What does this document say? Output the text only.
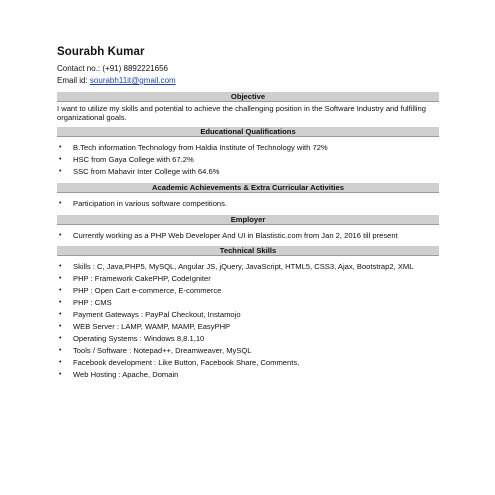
Sourabh Kumar
Contact no.: (+91) 8892221656
Email id: sourabh11it@gmail.com
Objective
I want to utilize my skills and potential to achieve the challenging position in the Software Industry and fulfilling organizational goals.
Educational Qualifications
• B.Tech information Technology from Haldia Institute of Technology with 72%
• HSC from Gaya College with 67.2%
• SSC from Mahavir Inter College with 64.6%
Academic Achievements & Extra Curricular Activities
• Participation in various software competitions.
Employer
• Currently working as a PHP Web Developer And UI in Blastistic.com from Jan 2, 2016 till present
Technical Skills
• Skills : C, Java,PHP5, MySQL, Angular JS, jQuery, JavaScript, HTML5, CSS3, Ajax, Bootstrap2, XML
• PHP : Framework CakePHP, CodeIgniter
• PHP : Open Cart e-commerce, E-commerce
• PHP : CMS
• Payment Gateways : PayPal Checkout, Instamojo
• WEB Server : LAMP, WAMP, MAMP, EasyPHP
• Operating Systems : Windows 8,8.1,10
• Tools / Software : Notepad++, Dreamweaver, MySQL
• Facebook development : Like Button, Facebook Share, Comments,
• Web Hosting : Apache, Domain
